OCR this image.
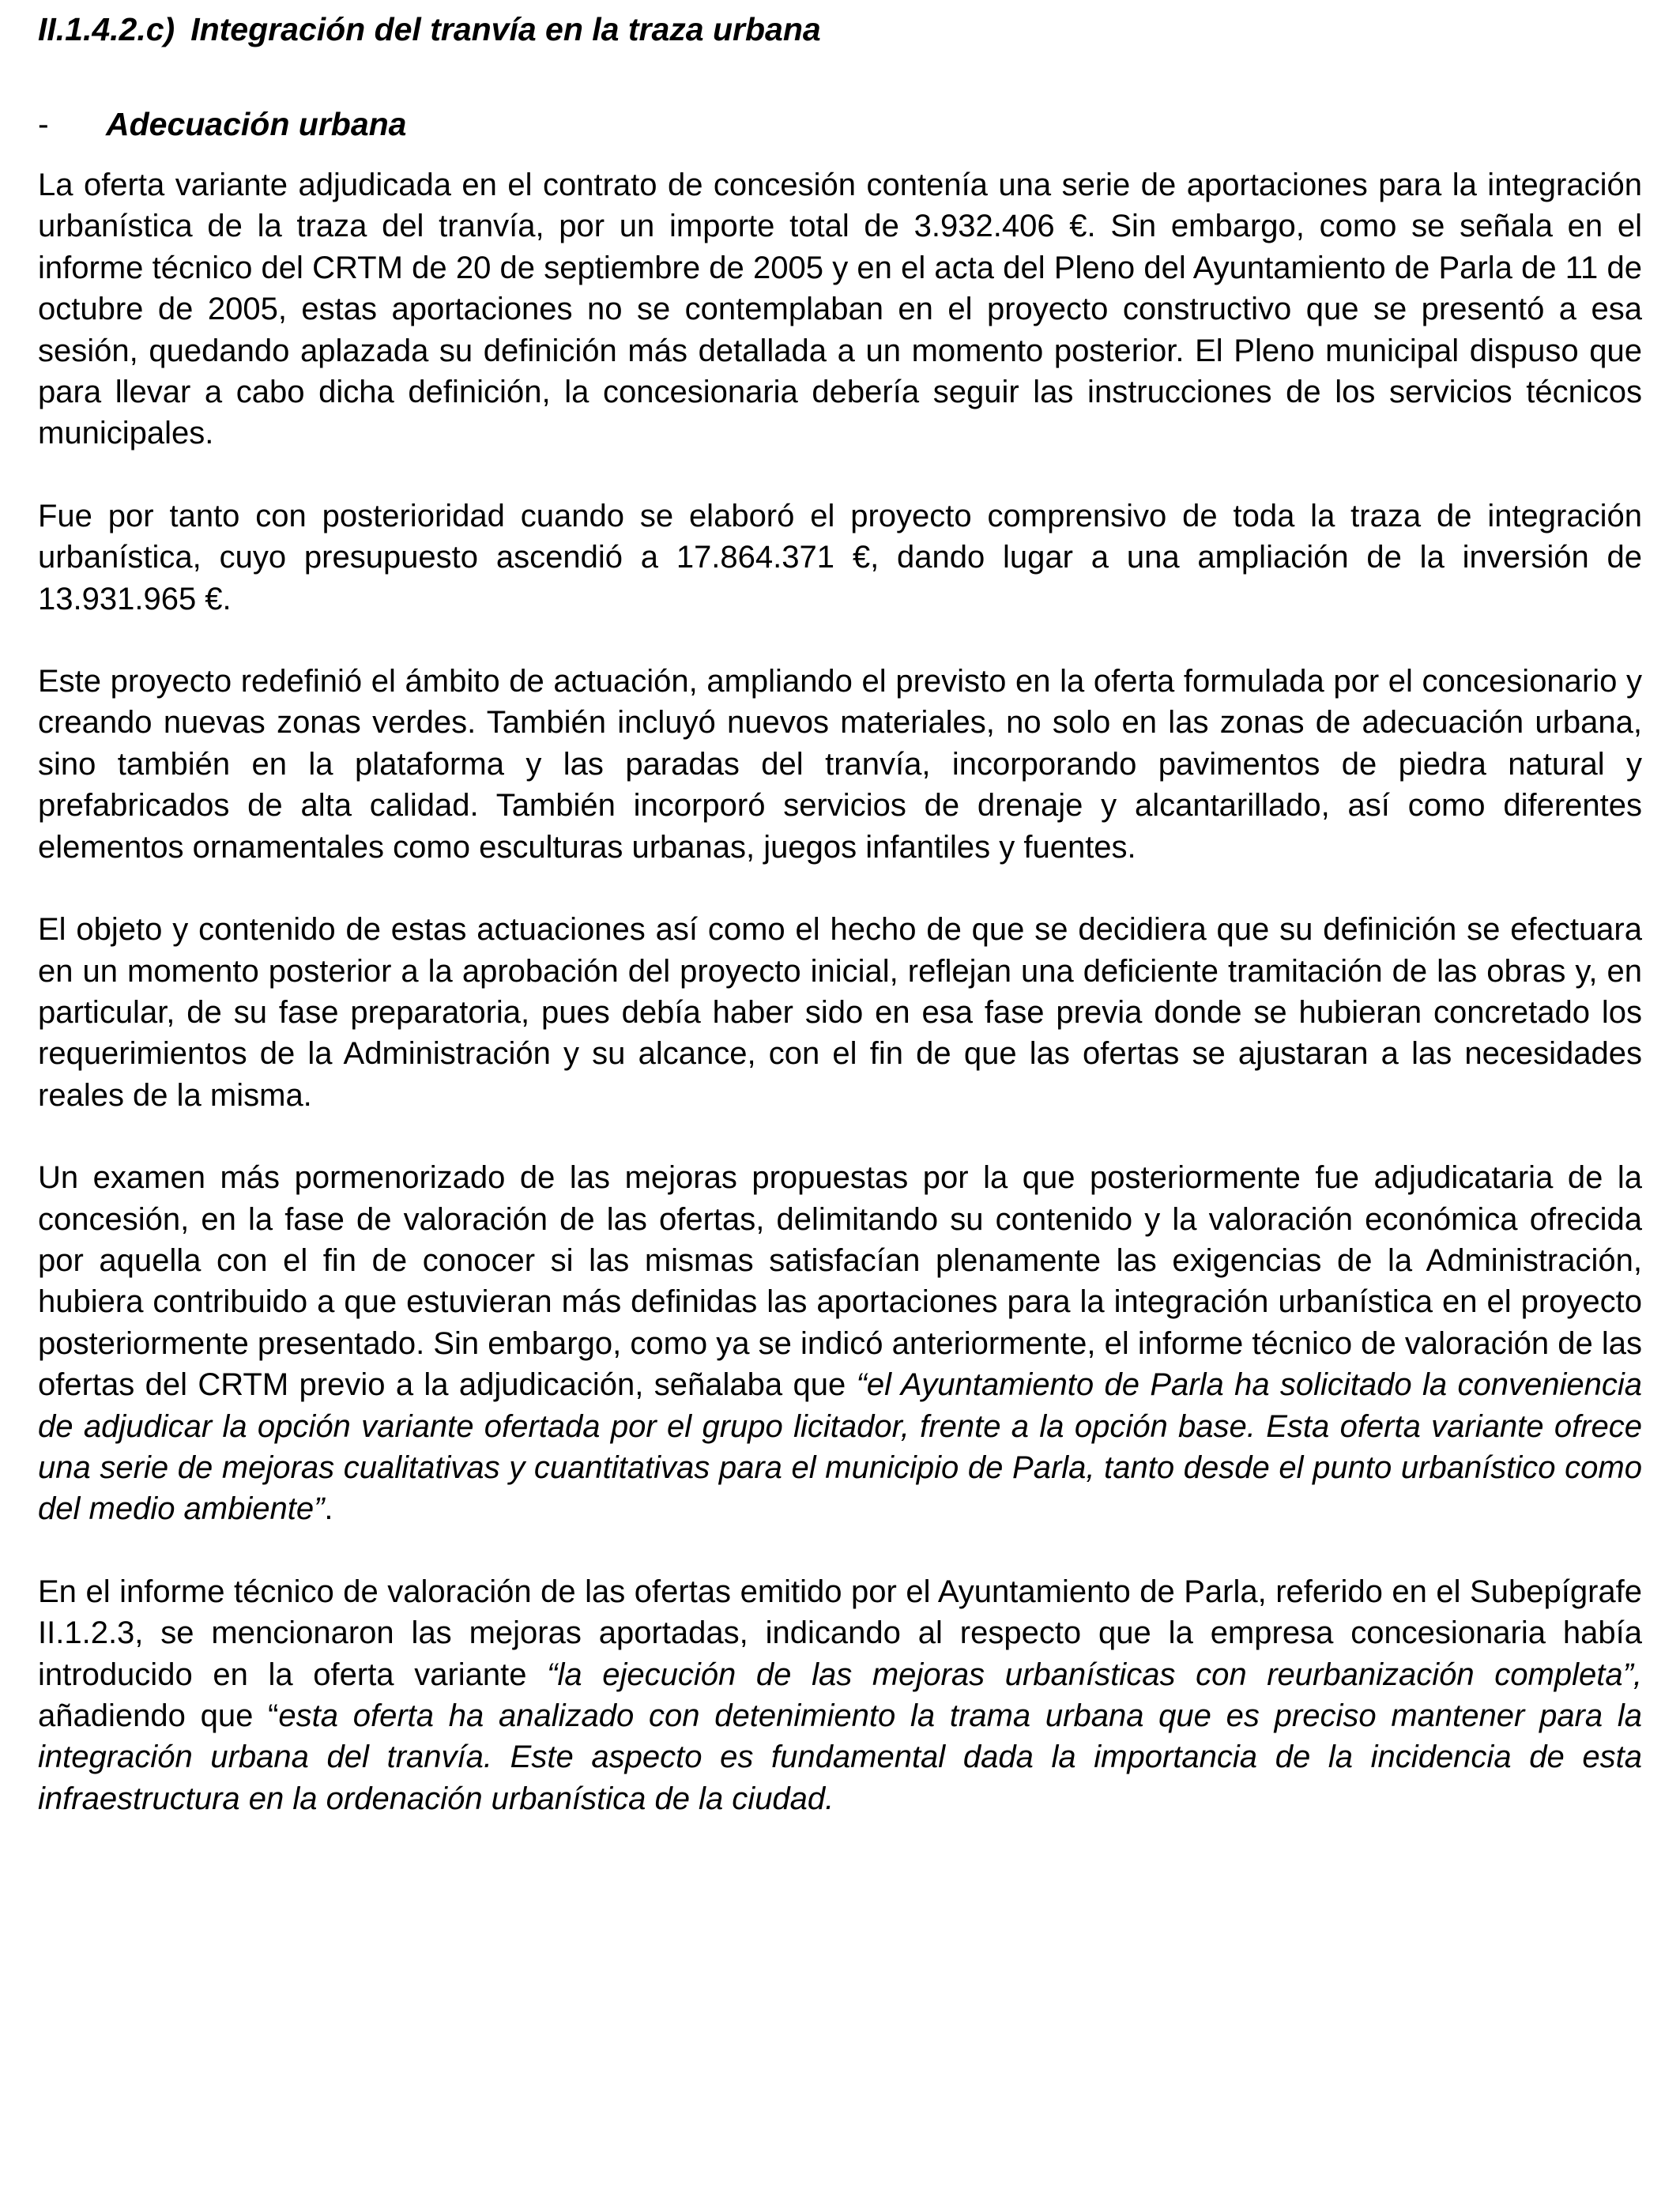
II.1.4.2.c) Integración del tranvía en la traza urbana
- Adecuación urbana

La oferta variante adjudicada en el contrato de concesión contenía una serie de aportaciones para la integración urbanística de la traza del tranvía, por un importe total de 3.932.406 €. Sin embargo, como se señala en el informe técnico del CRTM de 20 de septiembre de 2005 y en el acta del Pleno del Ayuntamiento de Parla de 11 de octubre de 2005, estas aportaciones no se contemplaban en el proyecto constructivo que se presentó a esa sesión, quedando aplazada su definición más detallada a un momento posterior. El Pleno municipal dispuso que para llevar a cabo dicha definición, la concesionaria debería seguir las instrucciones de los servicios técnicos municipales.

Fue por tanto con posterioridad cuando se elaboró el proyecto comprensivo de toda la traza de integración urbanística, cuyo presupuesto ascendió a 17.864.371 €, dando lugar a una ampliación de la inversión de 13.931.965 €.

Este proyecto redefinió el ámbito de actuación, ampliando el previsto en la oferta formulada por el concesionario y creando nuevas zonas verdes. También incluyó nuevos materiales, no solo en las zonas de adecuación urbana, sino también en la plataforma y las paradas del tranvía, incorporando pavimentos de piedra natural y prefabricados de alta calidad. También incorporó servicios de drenaje y alcantarillado, así como diferentes elementos ornamentales como esculturas urbanas, juegos infantiles y fuentes.

El objeto y contenido de estas actuaciones así como el hecho de que se decidiera que su definición se efectuara en un momento posterior a la aprobación del proyecto inicial, reflejan una deficiente tramitación de las obras y, en particular, de su fase preparatoria, pues debía haber sido en esa fase previa donde se hubieran concretado los requerimientos de la Administración y su alcance, con el fin de que las ofertas se ajustaran a las necesidades reales de la misma.

Un examen más pormenorizado de las mejoras propuestas por la que posteriormente fue adjudicataria de la concesión, en la fase de valoración de las ofertas, delimitando su contenido y la valoración económica ofrecida por aquella con el fin de conocer si las mismas satisfacían plenamente las exigencias de la Administración, hubiera contribuido a que estuvieran más definidas las aportaciones para la integración urbanística en el proyecto posteriormente presentado. Sin embargo, como ya se indicó anteriormente, el informe técnico de valoración de las ofertas del CRTM previo a la adjudicación, señalaba que “el Ayuntamiento de Parla ha solicitado la conveniencia de adjudicar la opción variante ofertada por el grupo licitador, frente a la opción base. Esta oferta variante ofrece una serie de mejoras cualitativas y cuantitativas para el municipio de Parla, tanto desde el punto urbanístico como del medio ambiente”.

En el informe técnico de valoración de las ofertas emitido por el Ayuntamiento de Parla, referido en el Subepígrafe II.1.2.3, se mencionaron las mejoras aportadas, indicando al respecto que la empresa concesionaria había introducido en la oferta variante “la ejecución de las mejoras urbanísticas con reurbanización completa”, añadiendo que “esta oferta ha analizado con detenimiento la trama urbana que es preciso mantener para la integración urbana del tranvía. Este aspecto es fundamental dada la importancia de la incidencia de esta infraestructura en la ordenación urbanística de la ciudad.
